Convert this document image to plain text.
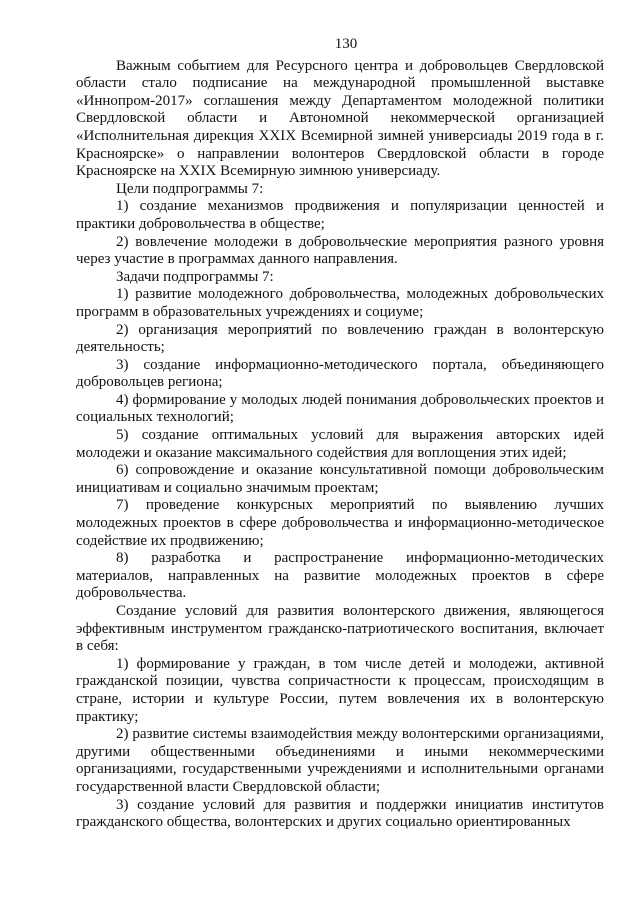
130

Важным событием для Ресурсного центра и добровольцев Свердловской области стало подписание на международной промышленной выставке «Иннопром-2017» соглашения между Департаментом молодежной политики Свердловской области и Автономной некоммерческой организацией «Исполнительная дирекция XXIX Всемирной зимней универсиады 2019 года в г. Красноярске» о направлении волонтеров Свердловской области в городе Красноярске на XXIX Всемирную зимнюю универсиаду.

Цели подпрограммы 7:

1) создание механизмов продвижения и популяризации ценностей и практики добровольчества в обществе;

2) вовлечение молодежи в добровольческие мероприятия разного уровня через участие в программах данного направления.

Задачи подпрограммы 7:

1) развитие молодежного добровольчества, молодежных добровольческих программ в образовательных учреждениях и социуме;

2) организация мероприятий по вовлечению граждан в волонтерскую деятельность;

3) создание информационно-методического портала, объединяющего добровольцев региона;

4) формирование у молодых людей понимания добровольческих проектов и социальных технологий;

5) создание оптимальных условий для выражения авторских идей молодежи и оказание максимального содействия для воплощения этих идей;

6) сопровождение и оказание консультативной помощи добровольческим инициативам и социально значимым проектам;

7) проведение конкурсных мероприятий по выявлению лучших молодежных проектов в сфере добровольчества и информационно-методическое содействие их продвижению;

8) разработка и распространение информационно-методических материалов, направленных на развитие молодежных проектов в сфере добровольчества.

Создание условий для развития волонтерского движения, являющегося эффективным инструментом гражданско-патриотического воспитания, включает в себя:

1) формирование у граждан, в том числе детей и молодежи, активной гражданской позиции, чувства сопричастности к процессам, происходящим в стране, истории и культуре России, путем вовлечения их в волонтерскую практику;

2) развитие системы взаимодействия между волонтерскими организациями, другими общественными объединениями и иными некоммерческими организациями, государственными учреждениями и исполнительными органами государственной власти Свердловской области;

3) создание условий для развития и поддержки инициатив институтов гражданского общества, волонтерских и других социально ориентированных
